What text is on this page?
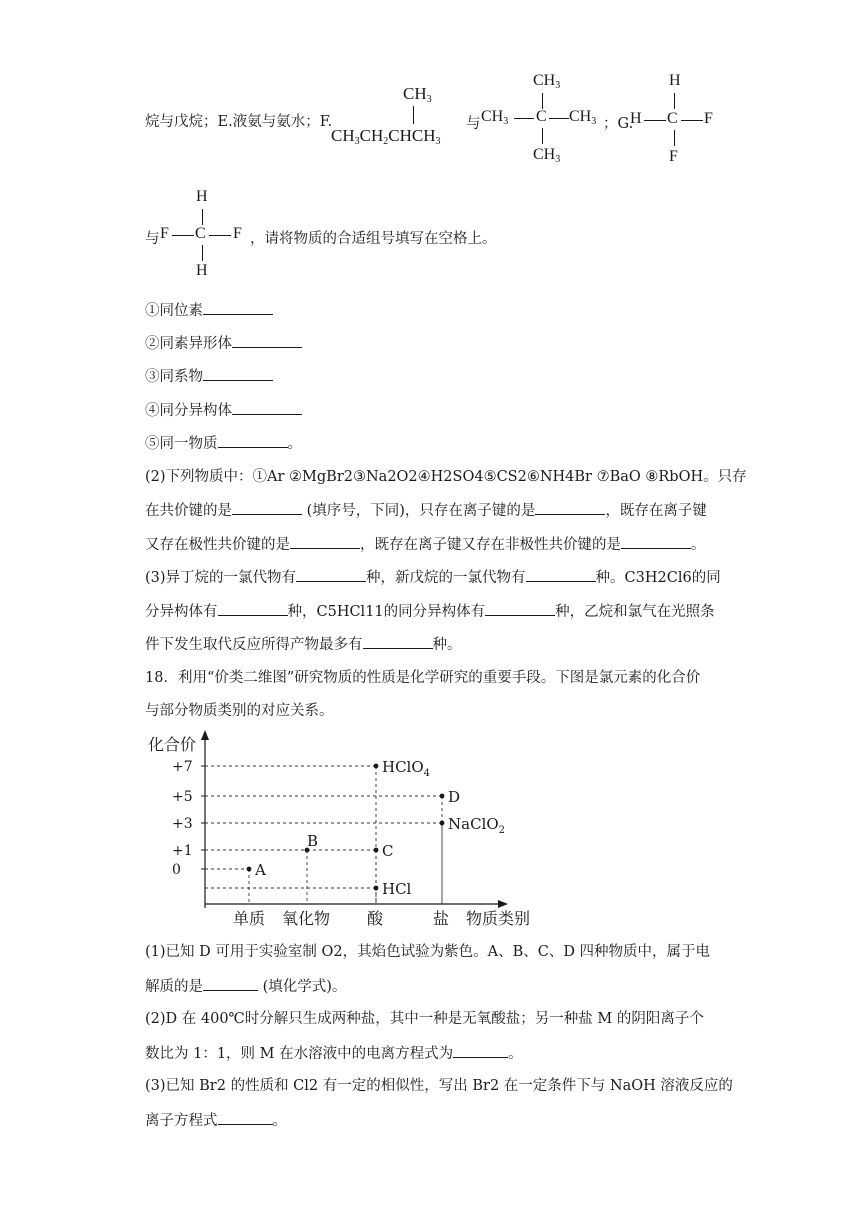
烷与戊烷；E.液氨与氨水；F.
$CH_3$
$CH_3CH_2CHCH_3$
与
$CH_3$
$CH_3$ C $CH_3$
$CH_3$
；G.
H
H C F
F
与
H
F C F
H
，请将物质的合适组号填写在空格上。
①同位素
②同素异形体
③同系物
④同分异构体
⑤同一物质	。
(2)下列物质中：①Ar ②MgBr2③Na2O2④H2SO4⑤CS2⑥NH4Br ⑦BaO ⑧RbOH。只存
在共价键的是	(填序号，下同)，只存在离子键的是	，既存在离子键
又存在极性共价键的是	，既存在离子键又存在非极性共价键的是	。
(3)异丁烷的一氯代物有	种，新戊烷的一氯代物有	种。C3H2Cl6的同
分异构体有	种，C5HCl11的同分异构体有	种，乙烷和氯气在光照条
件下发生取代反应所得产物最多有	种。
18．利用“价类二维图”研究物质的性质是化学研究的重要手段。下图是氯元素的化合价
与部分物质类别的对应关系。
化合价
物质类别
+7
+5
+3
+1
0	A
B
C
HClO$_4$
HCl
D
NaClO$_2$
单质 氧化物 酸	盐
(1)已知 D 可用于实验室制 O2，其焰色试验为紫色。A、B、C、D 四种物质中，属于电
解质的是	(填化学式)。
(2)D 在 400℃时分解只生成两种盐，其中一种是无氧酸盐；另一种盐 M 的阴阳离子个
数比为 1：1，则 M 在水溶液中的电离方程式为	。
(3)已知 Br2 的性质和 Cl2 有一定的相似性，写出 Br2 在一定条件下与 NaOH 溶液反应的
离子方程式	。
